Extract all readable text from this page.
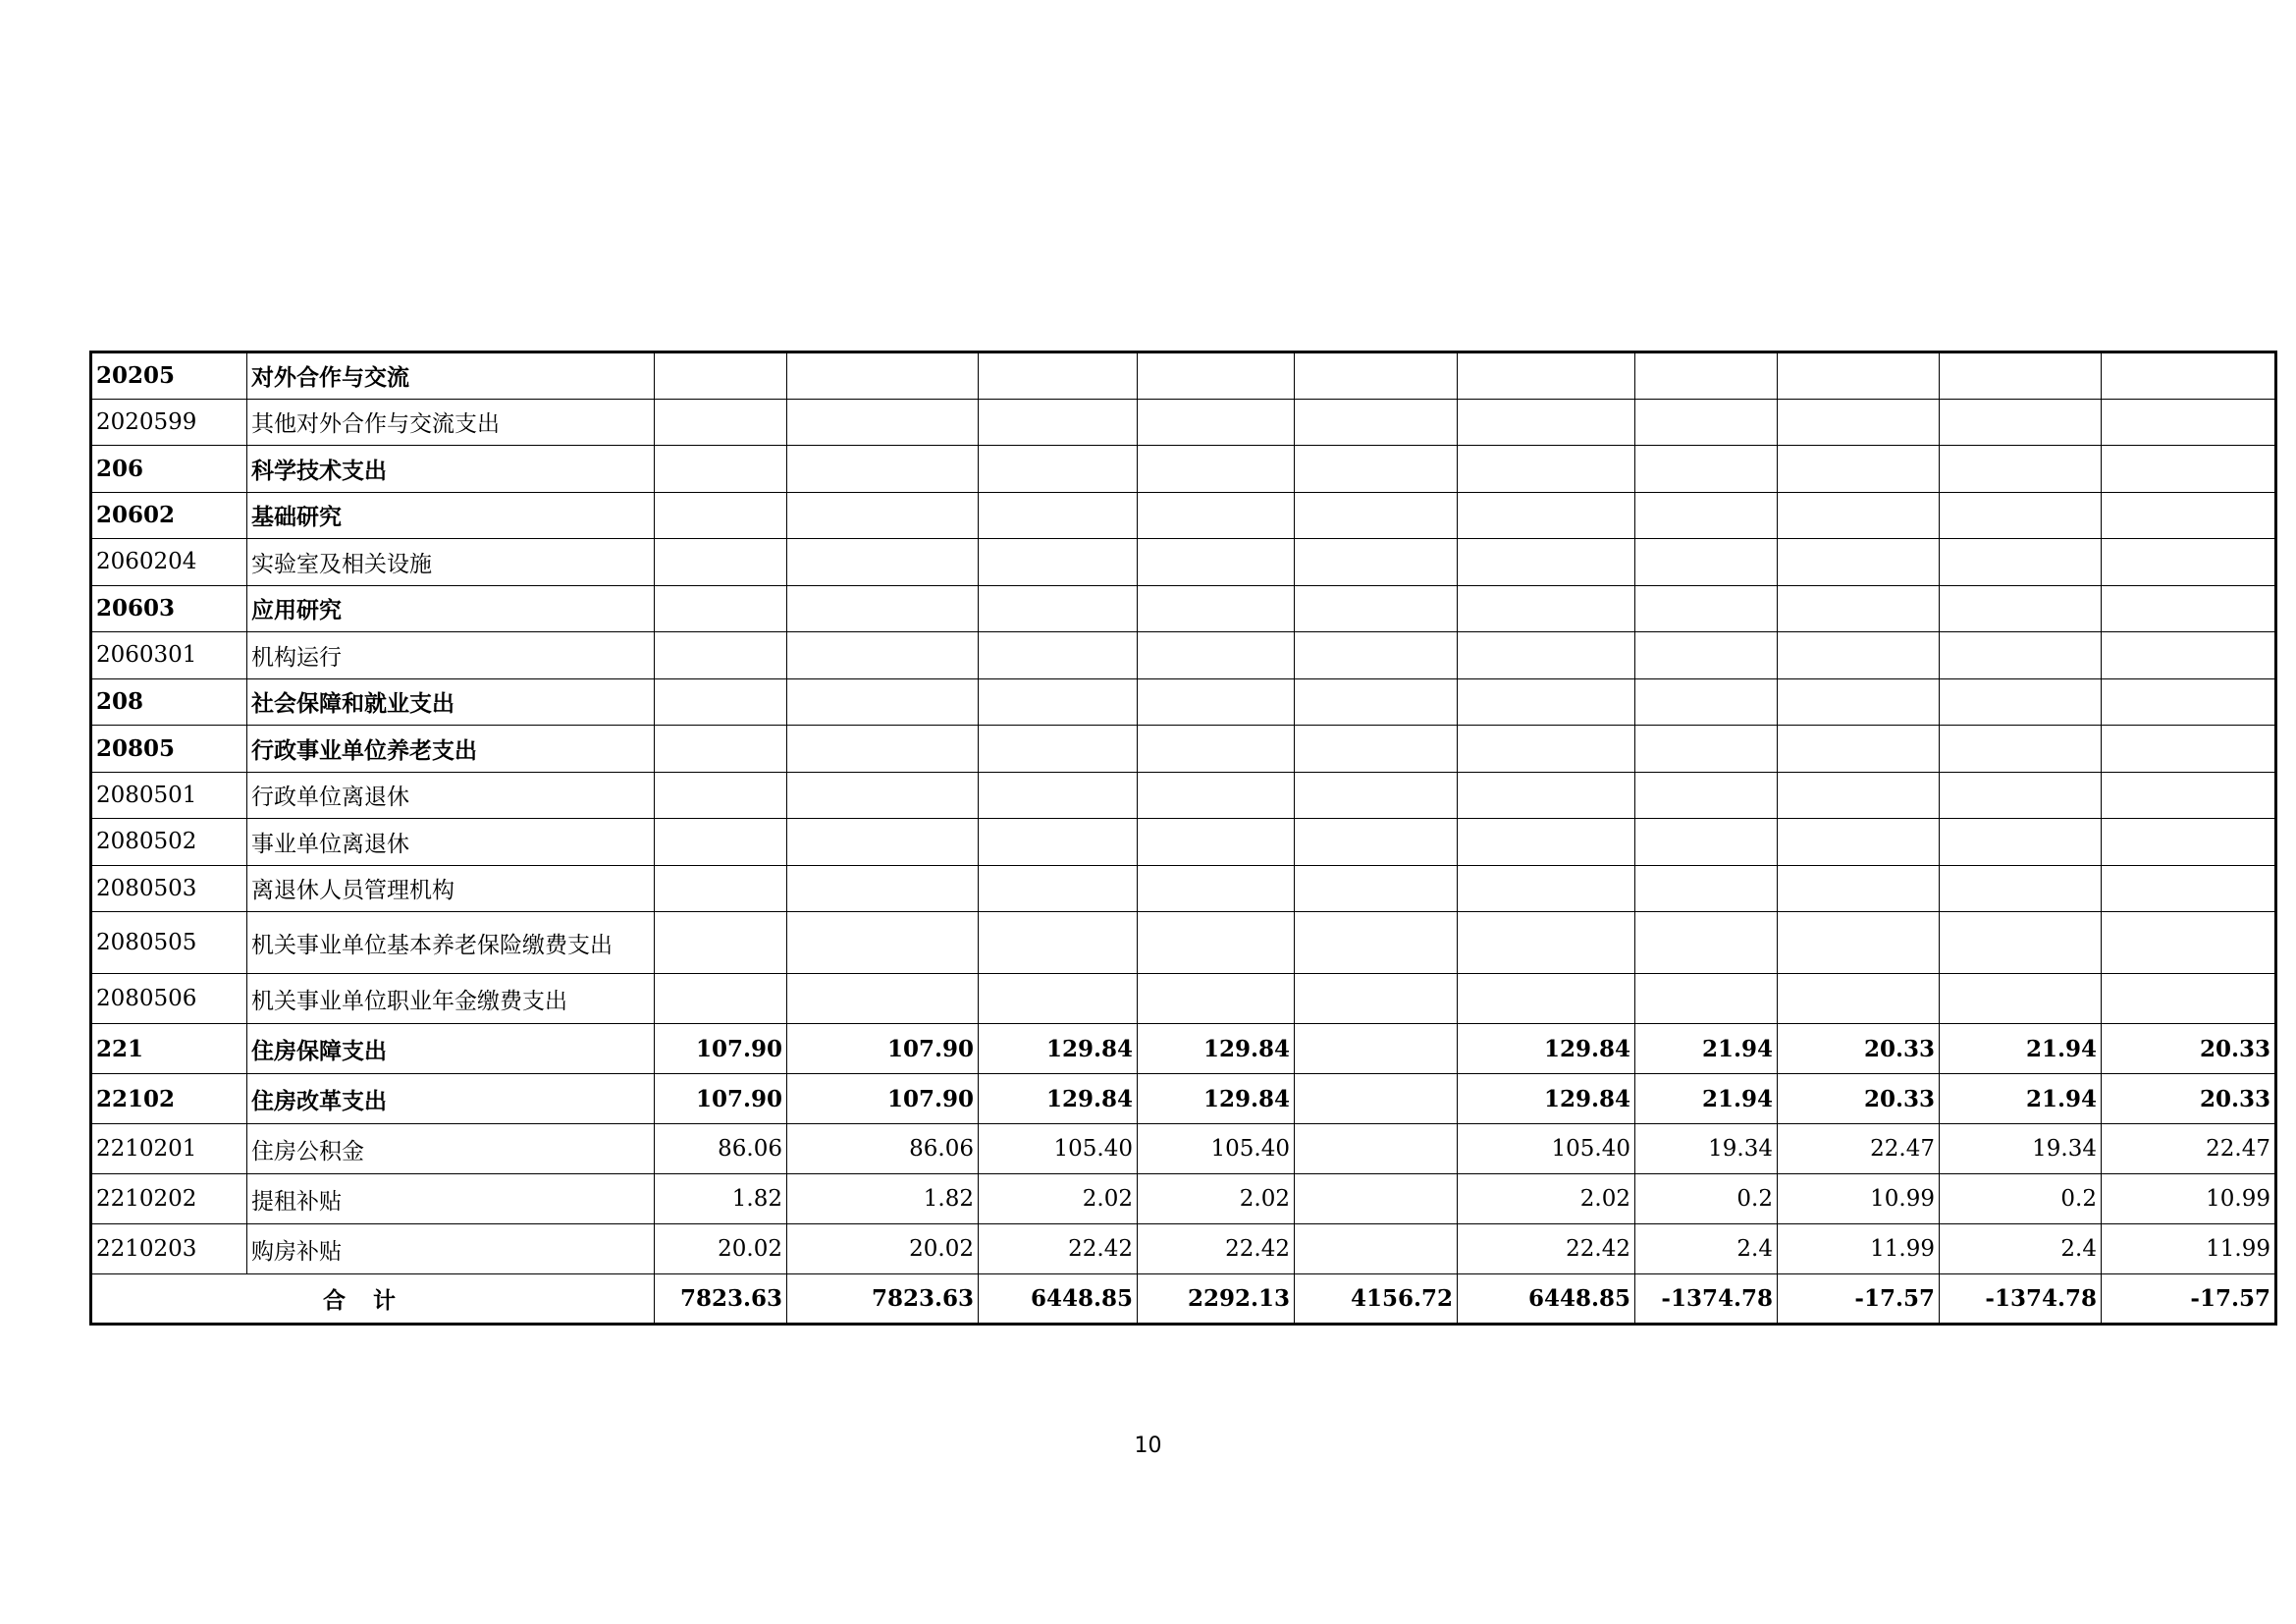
20205	对外合作与交流										
2020599	其他对外合作与交流支出										
206	科学技术支出										
20602	基础研究										
2060204	实验室及相关设施										
20603	应用研究										
2060301	机构运行										
208	社会保障和就业支出										
20805	行政事业单位养老支出										
2080501	行政单位离退休										
2080502	事业单位离退休										
2080503	离退休人员管理机构										
2080505	机关事业单位基本养老保险缴费支出										
2080506	机关事业单位职业年金缴费支出										
221	住房保障支出	107.90	107.90	129.84	129.84		129.84	21.94	20.33	21.94	20.33
22102	住房改革支出	107.90	107.90	129.84	129.84		129.84	21.94	20.33	21.94	20.33
2210201	住房公积金	86.06	86.06	105.40	105.40		105.40	19.34	22.47	19.34	22.47
2210202	提租补贴	1.82	1.82	2.02	2.02		2.02	0.2	10.99	0.2	10.99
2210203	购房补贴	20.02	20.02	22.42	22.42		22.42	2.4	11.99	2.4	11.99
合计		7823.63	7823.63	6448.85	2292.13	4156.72	6448.85	-1374.78	-17.57	-1374.78	-17.57
10
